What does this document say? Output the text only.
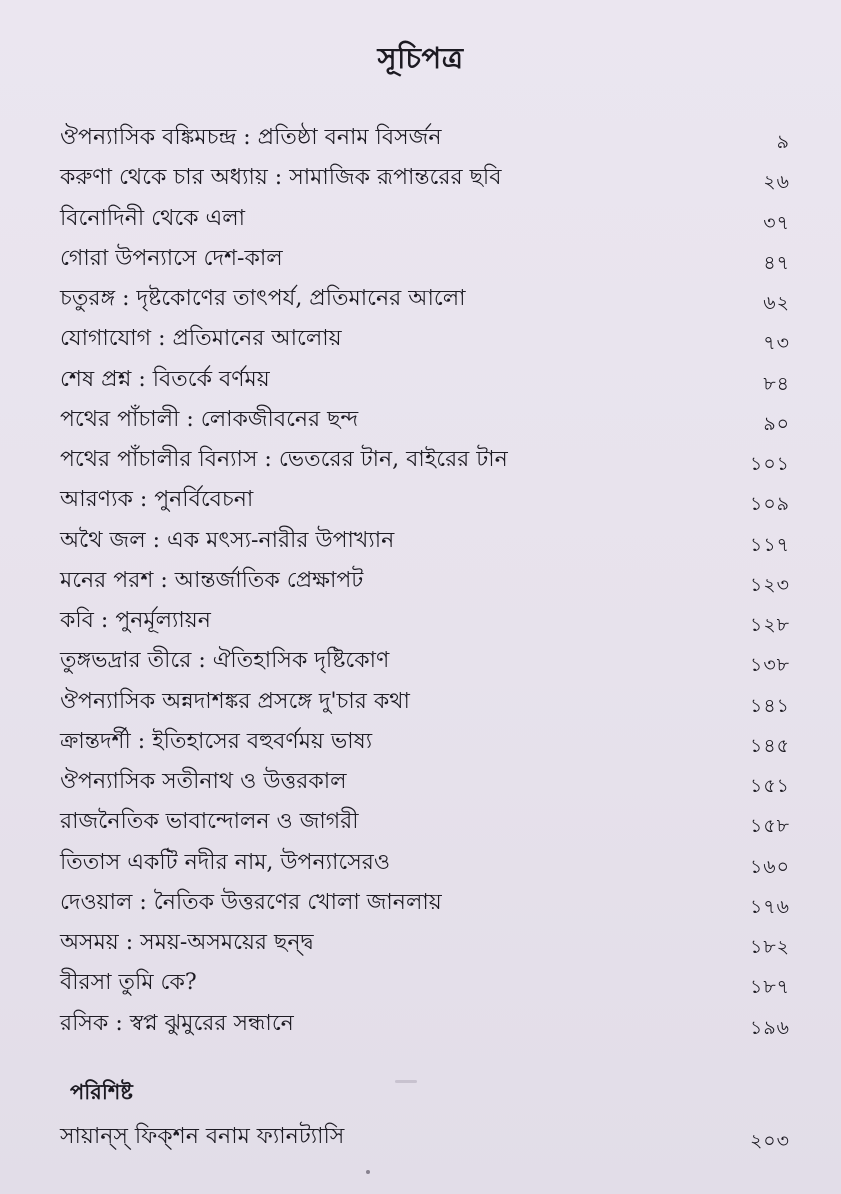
সূচিপত্র
ঔপন্যাসিক বঙ্কিমচন্দ্র : প্রতিষ্ঠা বনাম বিসর্জন	৯
করুণা থেকে চার অধ্যায় : সামাজিক রূপান্তরের ছবি	২৬
বিনোদিনী থেকে এলা	৩৭
গোরা উপন্যাসে দেশ-কাল	৪৭
চতুরঙ্গ : দৃষ্টকোণের তাৎপর্য, প্রতিমানের আলো	৬২
যোগাযোগ : প্রতিমানের আলোয়	৭৩
শেষ প্রশ্ন : বিতর্কে বর্ণময়	৮৪
পথের পাঁচালী : লোকজীবনের ছন্দ	৯০
পথের পাঁচালীর বিন্যাস : ভেতরের টান, বাইরের টান	১০১
আরণ্যক : পুনর্বিবেচনা	১০৯
অথৈ জল : এক মৎস্য-নারীর উপাখ্যান	১১৭
মনের পরশ : আন্তর্জাতিক প্রেক্ষাপট	১২৩
কবি : পুনর্মূল্যায়ন	১২৮
তুঙ্গভদ্রার তীরে : ঐতিহাসিক দৃষ্টিকোণ	১৩৮
ঔপন্যাসিক অন্নদাশঙ্কর প্রসঙ্গে দু'চার কথা	১৪১
ক্রান্তদর্শী : ইতিহাসের বহুবর্ণময় ভাষ্য	১৪৫
ঔপন্যাসিক সতীনাথ ও উত্তরকাল	১৫১
রাজনৈতিক ভাবান্দোলন ও জাগরী	১৫৮
তিতাস একটি নদীর নাম, উপন্যাসেরও	১৬০
দেওয়াল : নৈতিক উত্তরণের খোলা জানলায়	১৭৬
অসময় : সময়-অসময়ের ছন্দ্ব	১৮২
বীরসা তুমি কে?	১৮৭
রসিক : স্বপ্ন ঝুমুরের সন্ধানে	১৯৬
পরিশিষ্ট
সায়ান্স্ ফিক্শন বনাম ফ্যানট্যাসি	২০৩
